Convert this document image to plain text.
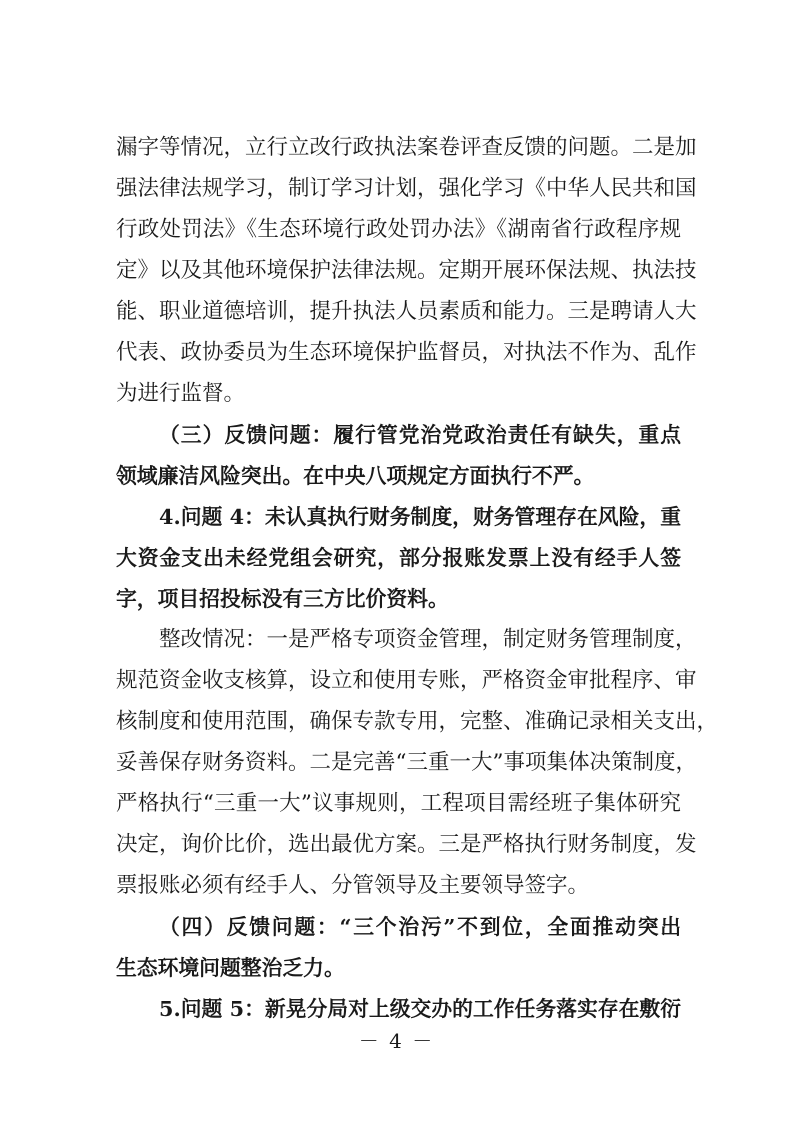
漏字等情况，立行立改行政执法案卷评查反馈的问题。二是加
强法律法规学习，制订学习计划，强化学习《中华人民共和国
行政处罚法》《生态环境行政处罚办法》《湖南省行政程序规
定》以及其他环境保护法律法规。定期开展环保法规、执法技
能、职业道德培训，提升执法人员素质和能力。三是聘请人大
代表、政协委员为生态环境保护监督员，对执法不作为、乱作
为进行监督。
（三）反馈问题：履行管党治党政治责任有缺失，重点
领域廉洁风险突出。在中央八项规定方面执行不严。
4.问题 4：未认真执行财务制度，财务管理存在风险，重
大资金支出未经党组会研究，部分报账发票上没有经手人签
字，项目招投标没有三方比价资料。
整改情况：一是严格专项资金管理，制定财务管理制度，
规范资金收支核算，设立和使用专账，严格资金审批程序、审
核制度和使用范围，确保专款专用，完整、准确记录相关支出，
妥善保存财务资料。二是完善“三重一大”事项集体决策制度，
严格执行“三重一大”议事规则，工程项目需经班子集体研究
决定，询价比价，选出最优方案。三是严格执行财务制度，发
票报账必须有经手人、分管领导及主要领导签字。
（四）反馈问题：“三个治污”不到位，全面推动突出
生态环境问题整治乏力。
5.问题 5：新晃分局对上级交办的工作任务落实存在敷衍
－ 4 －
